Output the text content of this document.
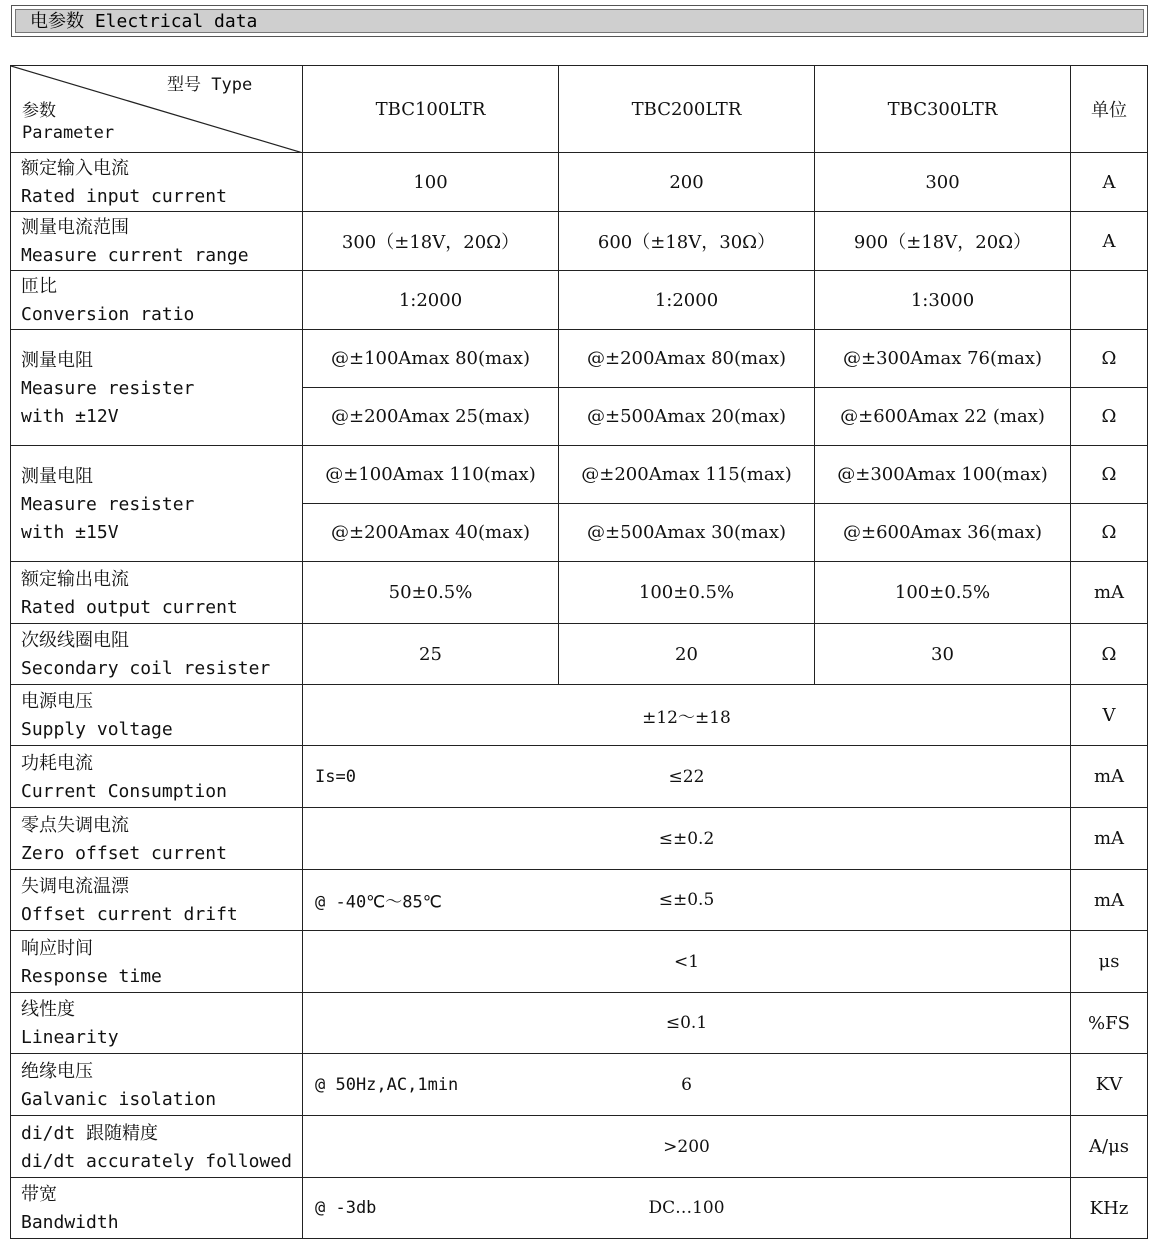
电参数 Electrical data
型号 Type
参数
Parameter	TBC100LTR	TBC200LTR	TBC300LTR	单位

额定输入电流
Rated input current	100	200	300	A

测量电流范围
Measure current range	300（±18V，20Ω）	600（±18V，30Ω）	900（±18V，20Ω）	A

匝比
Conversion ratio	1:2000	1:2000	1:3000	

测量电阻
Measure resister
with ±12V	@±100Amax 80(max)	@±200Amax 80(max)	@±300Amax 76(max)	Ω
	@±200Amax 25(max)	@±500Amax 20(max)	@±600Amax 22 (max)	Ω

测量电阻
Measure resister
with ±15V	@±100Amax 110(max)	@±200Amax 115(max)	@±300Amax 100(max)	Ω
	@±200Amax 40(max)	@±500Amax 30(max)	@±600Amax 36(max)	Ω

额定输出电流
Rated output current	50±0.5%	100±0.5%	100±0.5%	mA

次级线圈电阻
Secondary coil resister	25	20	30	Ω

电源电压
Supply voltage	±12～±18			V

功耗电流
Current Consumption	Is=0 ≤22			mA

零点失调电流
Zero offset current	≤±0.2			mA

失调电流温漂
Offset current drift	@ -40℃～85℃ ≤±0.5			mA

响应时间
Response time	<1			μs

线性度
Linearity	≤0.1			%FS

绝缘电压
Galvanic isolation	@ 50Hz,AC,1min 6			KV

di/dt 跟随精度
di/dt accurately followed	>200			A/μs

带宽
Bandwidth	@ -3db DC…100			KHz
